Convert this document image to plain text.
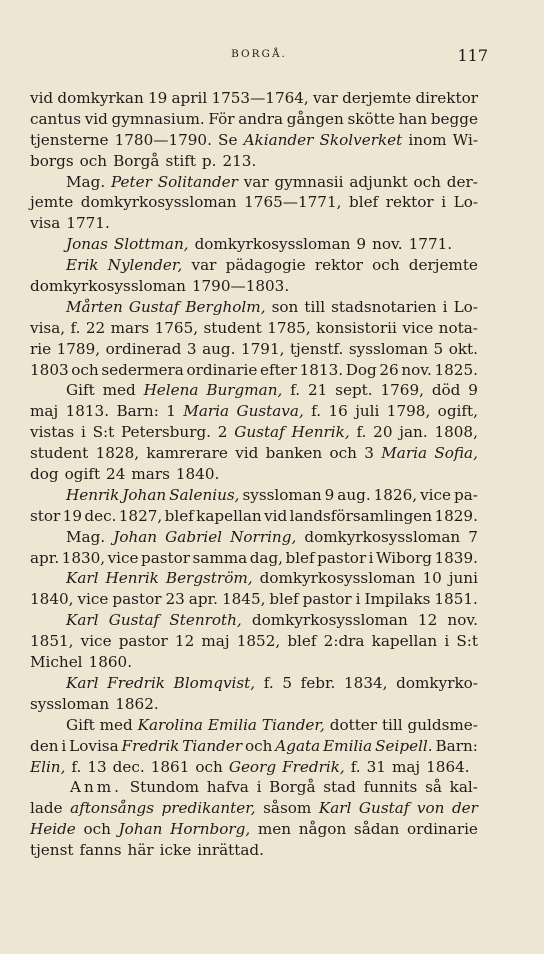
BORGÅ.	117
vid domkyrkan 19 april 1753—1764, var derjemte direktor
cantus vid gymnasium. För andra gången skötte han begge
tjensterne 1780—1790. Se Akiander Skolverket inom Wi-
borgs och Borgå stift p. 213.
Mag. Peter Solitander var gymnasii adjunkt och der-
jemte domkyrkosyssloman 1765—1771, blef rektor i Lo-
visa 1771.
Jonas Slottman, domkyrkosyssloman 9 nov. 1771.
Erik Nylender, var pädagogie rektor och derjemte
domkyrkosyssloman 1790—1803.
Mårten Gustaf Bergholm, son till stadsnotarien i Lo-
visa, f. 22 mars 1765, student 1785, konsistorii vice nota-
rie 1789, ordinerad 3 aug. 1791, tjenstf. syssloman 5 okt.
1803 och sedermera ordinarie efter 1813. Dog 26 nov. 1825.
Gift med Helena Burgman, f. 21 sept. 1769, död 9
maj 1813. Barn: 1 Maria Gustava, f. 16 juli 1798, ogift,
vistas i S:t Petersburg. 2 Gustaf Henrik, f. 20 jan. 1808,
student 1828, kamrerare vid banken och 3 Maria Sofia,
dog ogift 24 mars 1840.
Henrik Johan Salenius, syssloman 9 aug. 1826, vice pa-
stor 19 dec. 1827, blef kapellan vid landsförsamlingen 1829.
Mag. Johan Gabriel Norring, domkyrkosyssloman 7
apr. 1830, vice pastor samma dag, blef pastor i Wiborg 1839.
Karl Henrik Bergström, domkyrkosyssloman 10 juni
1840, vice pastor 23 apr. 1845, blef pastor i Impilaks 1851.
Karl Gustaf Stenroth, domkyrkosyssloman 12 nov.
1851, vice pastor 12 maj 1852, blef 2:dra kapellan i S:t
Michel 1860.
Karl Fredrik Blomqvist, f. 5 febr. 1834, domkyrko-
syssloman 1862.
Gift med Karolina Emilia Tiander, dotter till guldsme-
den i Lovisa Fredrik Tiander och Agata Emilia Seipell. Barn:
Elin, f. 13 dec. 1861 och Georg Fredrik, f. 31 maj 1864.
Anm. Stundom hafva i Borgå stad funnits så kal-
lade aftonsångs predikanter, såsom Karl Gustaf von der
Heide och Johan Hornborg, men någon sådan ordinarie
tjenst fanns här icke inrättad.
